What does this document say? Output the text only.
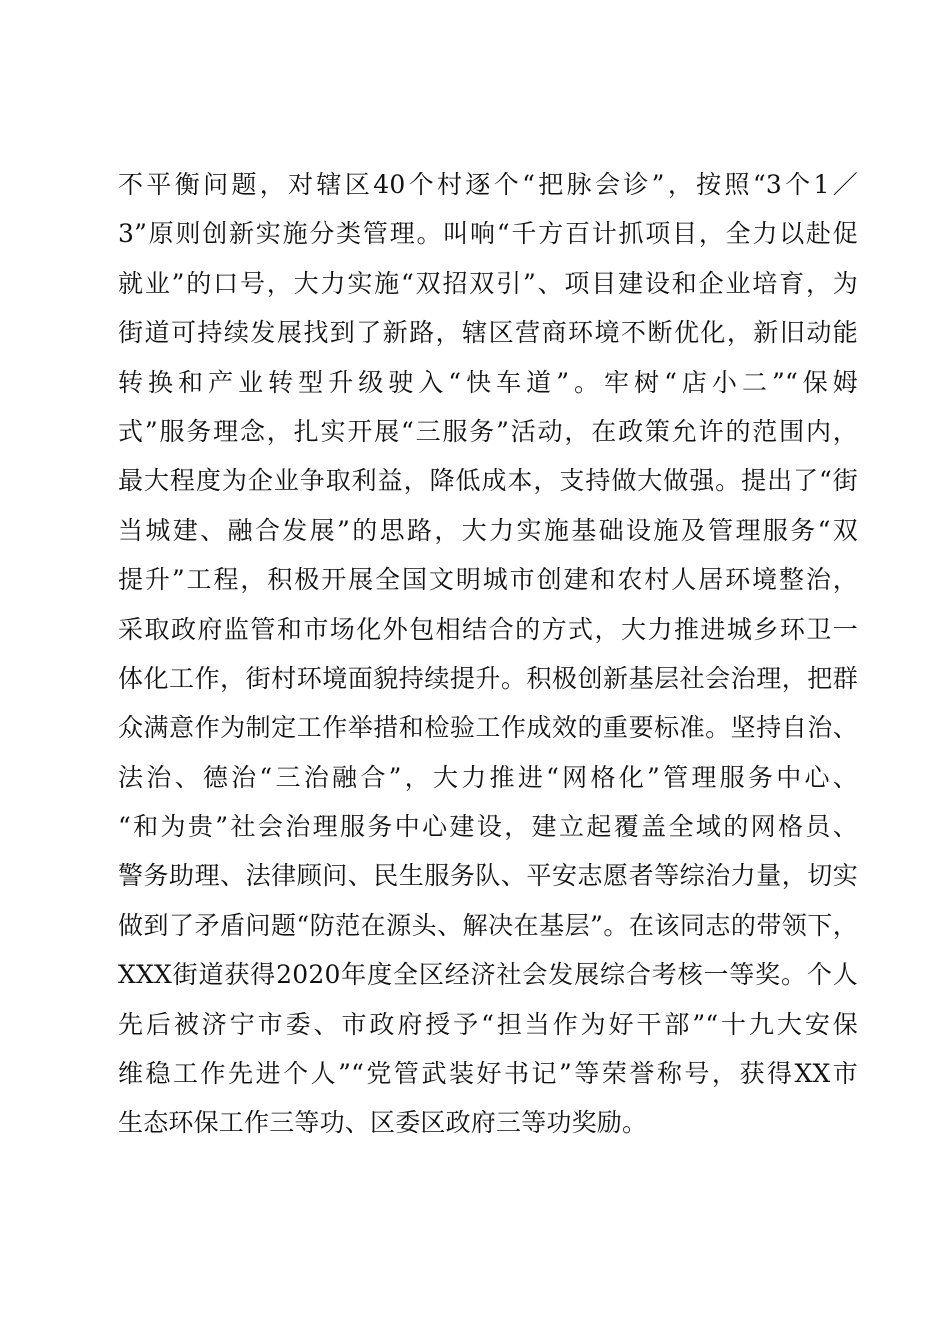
不平衡问题，对辖区40个村逐个“把脉会诊”，按照“3个1／
3”原则创新实施分类管理。叫响“千方百计抓项目，全力以赴促
就业”的口号，大力实施“双招双引”、项目建设和企业培育，为
街道可持续发展找到了新路，辖区营商环境不断优化，新旧动能
转换和产业转型升级驶入“快车道”。牢树“店小二”“保姆
式”服务理念，扎实开展“三服务”活动，在政策允许的范围内，
最大程度为企业争取利益，降低成本，支持做大做强。提出了“街
当城建、融合发展”的思路，大力实施基础设施及管理服务“双
提升”工程，积极开展全国文明城市创建和农村人居环境整治，
采取政府监管和市场化外包相结合的方式，大力推进城乡环卫一
体化工作，街村环境面貌持续提升。积极创新基层社会治理，把群
众满意作为制定工作举措和检验工作成效的重要标准。坚持自治、
法治、德治“三治融合”，大力推进“网格化”管理服务中心、
“和为贵”社会治理服务中心建设，建立起覆盖全域的网格员、
警务助理、法律顾问、民生服务队、平安志愿者等综治力量，切实
做到了矛盾问题“防范在源头、解决在基层”。在该同志的带领下，
XXX街道获得2020年度全区经济社会发展综合考核一等奖。个人
先后被济宁市委、市政府授予“担当作为好干部”“十九大安保
维稳工作先进个人”“党管武装好书记”等荣誉称号，获得XX市
生态环保工作三等功、区委区政府三等功奖励。
